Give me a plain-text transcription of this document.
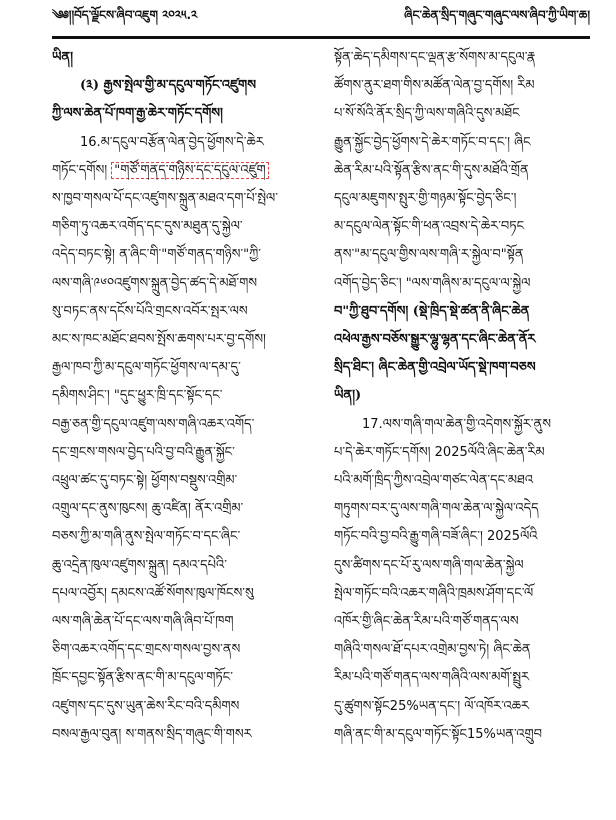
༄༅།།བོད་ལྗོངས་ཞིབ་འཇུག ༢༠༢༥.༢	ཞིང་ཆེན་སྲིད་གཞུང་གཞུང་ལས་ཞིབ་ཀྱི་ཡིག་ཆ།
ཡིན།
(༣) རྒྱས་སྤེལ་གྱི་མ་དངུལ་གཏོང་འཛུགས
ཀྱི་ལས་ཆེན་པོ་ཁག་རྒྱ་ཆེར་གཏོང་དགོས།
16.མ་དངུལ་བརྩོན་ལེན་བྱེད་ཕྱོགས་དེ་ཆེར
གཏོང་དགོས། "གཙོ་གནད་གཉིས་དང་དངུལ་འཛུག
ས་ཁྱབ་གསལ་པོ་དང་འཛུགས་སྐྲུན་མཐའ་དག་པོ་སྤེལ་
གཅིག་ཏུ་འཆར་འགོད་དང་དུས་མཐུན་དུ་སྐྱེལ་
འདེད་བཏང་སྟེ། ན་ཞིང་གི་"གཙོ་གནད་གཉིས་"ཀྱི་
ལས་གཞི་༩༦༠འཛུགས་སྐྲུན་བྱེད་ཚད་དེ་མཐོ་གས
སུ་བཏང་ནས་དངོས་པོའི་གྲངས་འབོར་སྤར་ལས
མང་ས་ཁང་མཐོང་ཐབས་སྤོས་ཆགས་པར་བྱ་དགོས།
རྒྱལ་ཁབ་ཀྱི་མ་དངུལ་གཏོང་ཕྱོགས་ལ་དམ་དུ་
དམིགས་ཤིང་། "དུང་ཕྱུར་ཁྲི་དང་སྟོང་དང་
བརྒྱ་ཅན་གྱི་དངུལ་འཛུག་ལས་གཞི་འཆར་འགོད་
དང་གྲངས་གསལ་བྱེད་པའི་བྱ་བའི་རྒྱུན་སྐྱོང་
འཕྲུལ་ཚང་དུ་བཏང་སྟེ། ཕྱོགས་བསྡུས་འགྲིམ་
འགྲུལ་དང་ནུས་ཁུངས། ཆུ་འཛིན། ནོར་འགྲིམ་
བཅས་ཀྱི་མ་གཞི་ནུས་སྤེལ་གཏོང་བ་དང་ཞིང་
ཆུ་འདྲེན་ཁུལ་འཛུགས་སྐྲུན། དམའ་དཔེའི་
དཔལ་འབྱོར། དམངས་འཚོ་སོགས་ཁུལ་ཁོངས་སུ
ལས་གཞི་ཆེན་པོ་དང་ལས་གཞི་ཞིབ་པོ་ཁག
ཅིག་འཆར་འགོད་དང་གྲངས་གསལ་བྱས་ནས
ཁྲོང་དབྱང་སྟོན་རྩིས་ནང་གི་མ་དངུལ་གཏོང་
འཛུགས་དང་དུས་ཡུན་ཆེས་རིང་བའི་དམིགས
བསལ་རྒྱལ་བུན། ས་གནས་སྲིད་གཞུང་གི་གསར
སྟོན་ཆེད་དམིགས་དང་ལྡན་རྩ་སོགས་མ་དངུལ་རྣ
ཚོགས་ནུར་ཐག་གིས་མཚོན་ལེན་བྱ་དགོས། རིམ
པ་སོ་སོའི་ནོར་སྲིད་ཀྱི་ལས་གཞིའི་དུས་མཐོང
རྒྱུན་སྐྱོང་བྱེད་ཕྱོགས་དེ་ཆེར་གཏོང་བ་དང་། ཞིང
ཆེན་རིམ་པའི་སྟོན་རྩིས་ནང་གི་དུས་མཐོའི་གྲོན
དངུལ་མཇུགས་སྤུར་གྱི་གཉམ་སྟོང་བྱེད་ཅིང་།
མ་དངུལ་ལེན་སྟོང་གི་ཕན་འབྲས་དེ་ཆེར་བཏང
ནས་"མ་དངུལ་གྱིས་ལས་གཞི་ར་སྐྱེལ་བ"སྟོན
འགོད་བྱེད་ཅིང་། "ལས་གཞིས་མ་དངུལ་ལ་སྐྱེལ
བ"ཀྱི་ཐུབ་དགོས། (སྡེ་ཁྲིད་སྡེ་ཚན་ནི་ཞིང་ཆེན
འཕེལ་རྒྱས་བཅོས་སྒྱུར་ལྷུ་ལྷན་དང་ཞིང་ཆེན་ནོར
སྲིད་ཐིང་། ཞིང་ཆེན་གྱི་འབྲེལ་ཡོད་སྡེ་ཁག་བཅས
ཡིན།)
17.ལས་གཞི་གལ་ཆེན་གྱི་འདེགས་སྐྱོར་ནུས
པ་དེ་ཆེར་གཏོང་དགོས། 2025ལོའི་ཞིང་ཆེན་རིམ
པའི་མགོ་ཁྲིད་ཀྱིས་འབྲེལ་གཙང་ལེན་དང་མཐའ
གཏུགས་བར་དུ་ལས་གཞི་གལ་ཆེན་ལ་སྐྱེལ་འདེད
གཏོང་བའི་བྱ་བའི་རྒྱུ་གཞི་བཟོ་ཞིང་། 2025ལོའི
དུས་ཚིགས་དང་པོ་རུ་ལས་གཞི་གལ་ཆེན་སྐྱེལ
སྤེལ་གཏོང་བའི་འཆར་གཞིའི་ཁྲམས་ཤོག་དང་ལོ
འཁོར་གྱི་ཞིང་ཆེན་རིམ་པའི་གཙོ་གནད་ལས
གཞིའི་གསལ་ཐོ་དཔར་འགྲེམ་བྱས་ཏེ། ཞིང་ཆེན
རིམ་པའི་གཙོ་གནད་ལས་གཞིའི་ལས་མགོ་སྤྲུར
དུ་ཚུགས་སྟོང25%ཡན་དང་། ལོ་འཁོར་འཆར
གཞི་ནང་གི་མ་དངུལ་གཏོང་སྟོང15%ཡན་འགྲུབ
